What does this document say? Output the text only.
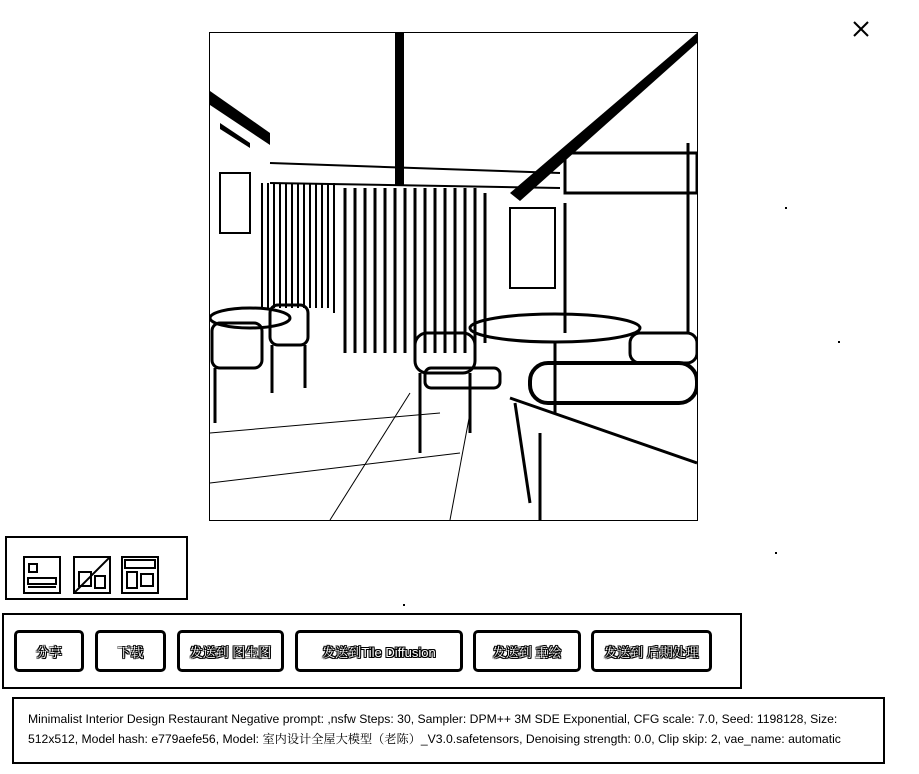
分享	下载	发送到 图生图	发送到Tile Diffusion	发送到 重绘	发送到 后期处理

Minimalist Interior Design Restaurant Negative prompt: ,nsfw Steps: 30, Sampler: DPM++ 3M SDE Exponential, CFG scale: 7.0, Seed: 1198128, Size: 512x512, Model hash: e779aefe56, Model: 室内设计全屋大模型（老陈）_V3.0.safetensors, Denoising strength: 0.0, Clip skip: 2, vae_name: automatic
